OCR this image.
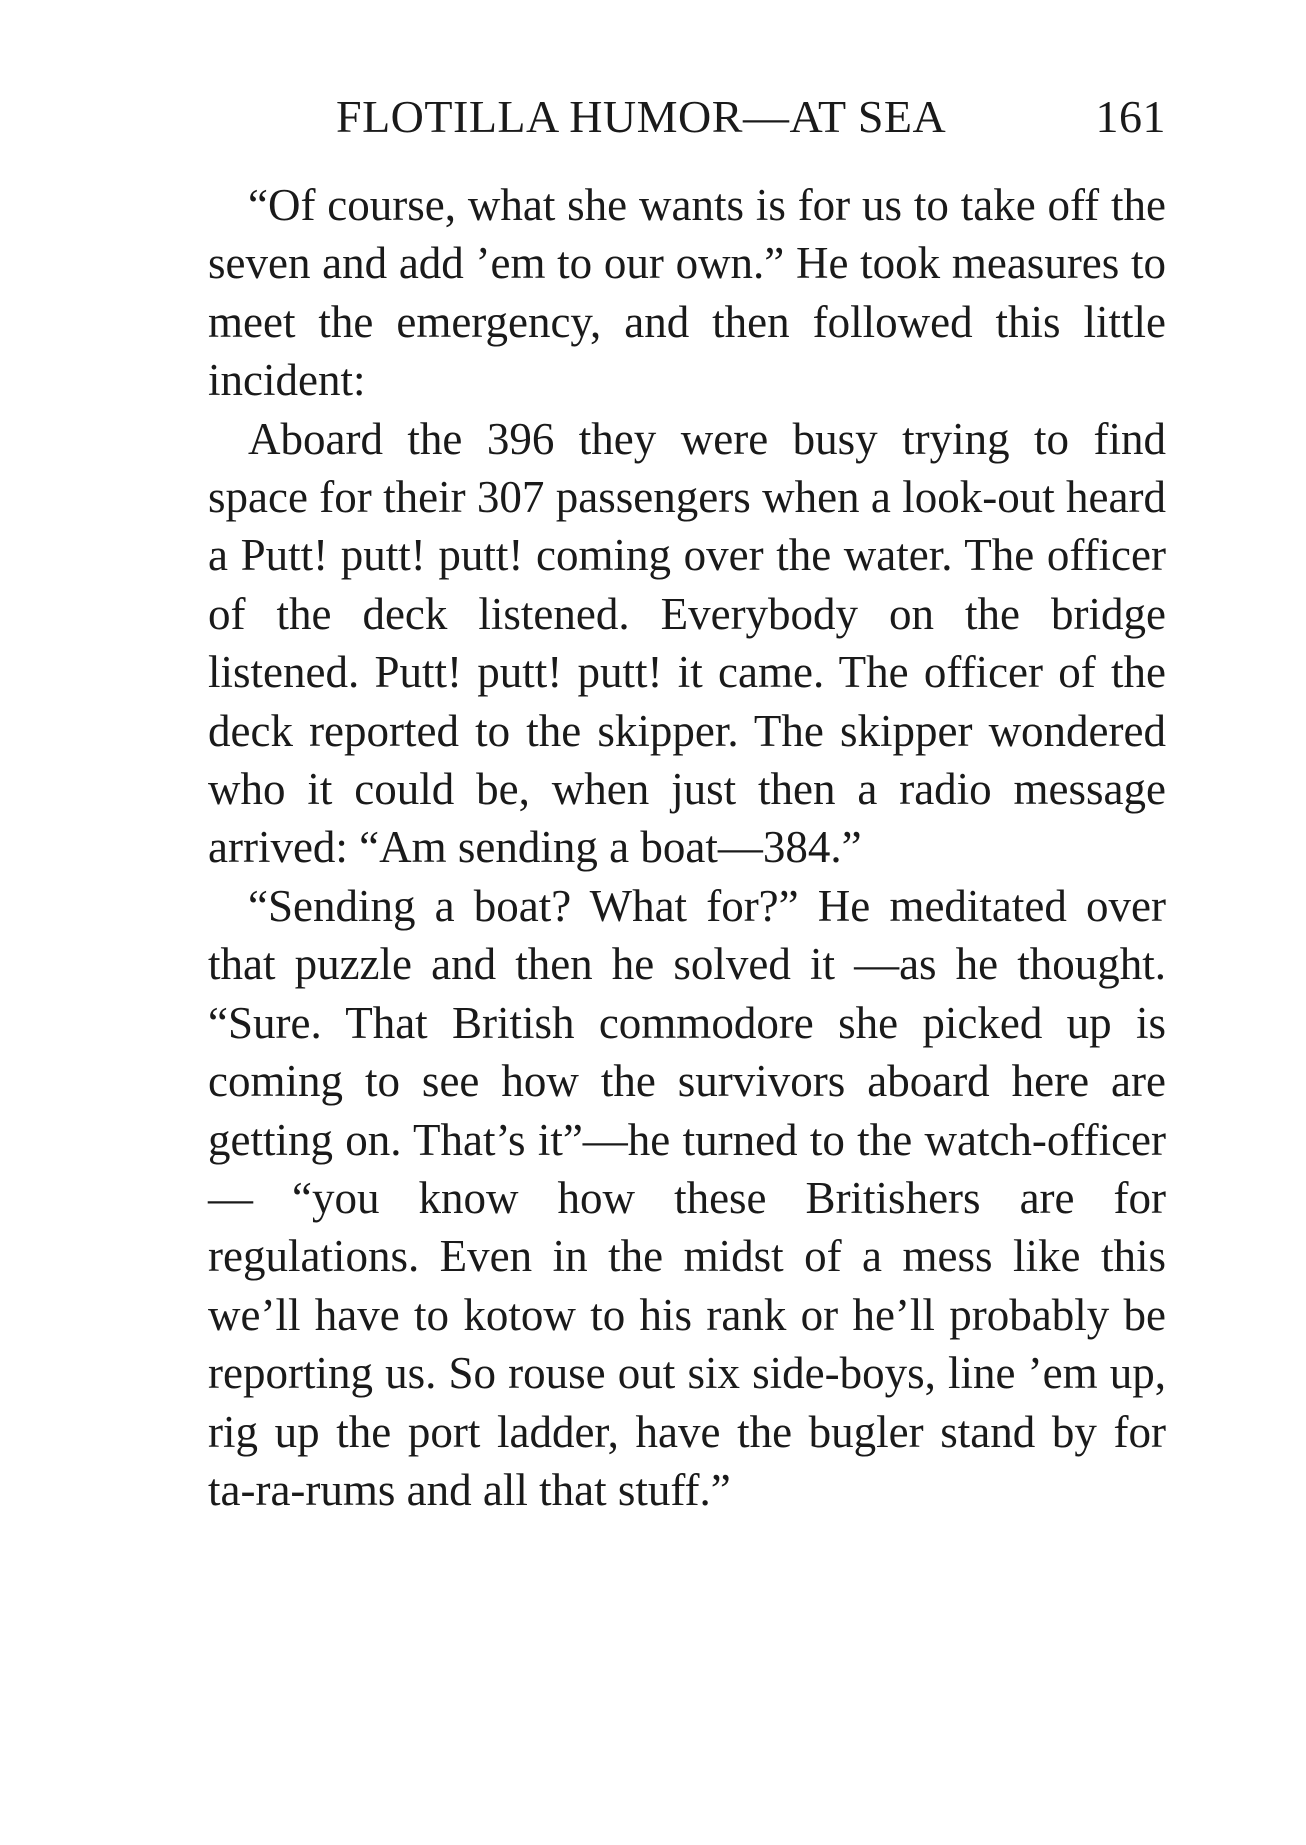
FLOTILLA HUMOR—AT SEA	161

“Of course, what she wants is for us to take off the seven and add ’em to our own.” He took measures to meet the emergency, and then followed this little incident:

Aboard the 396 they were busy trying to find space for their 307 passengers when a look-out heard a Putt! putt! putt! coming over the water. The officer of the deck listened. Everybody on the bridge listened. Putt! putt! putt! it came. The officer of the deck reported to the skipper. The skipper wondered who it could be, when just then a radio message arrived: “Am sending a boat—384.”

“Sending a boat? What for?” He meditated over that puzzle and then he solved it —as he thought. “Sure. That British commodore she picked up is coming to see how the survivors aboard here are getting on. That’s it”—he turned to the watch-officer— “you know how these Britishers are for regulations. Even in the midst of a mess like this we’ll have to kotow to his rank or he’ll probably be reporting us. So rouse out six side-boys, line ’em up, rig up the port ladder, have the bugler stand by for ta-ra-rums and all that stuff.”
